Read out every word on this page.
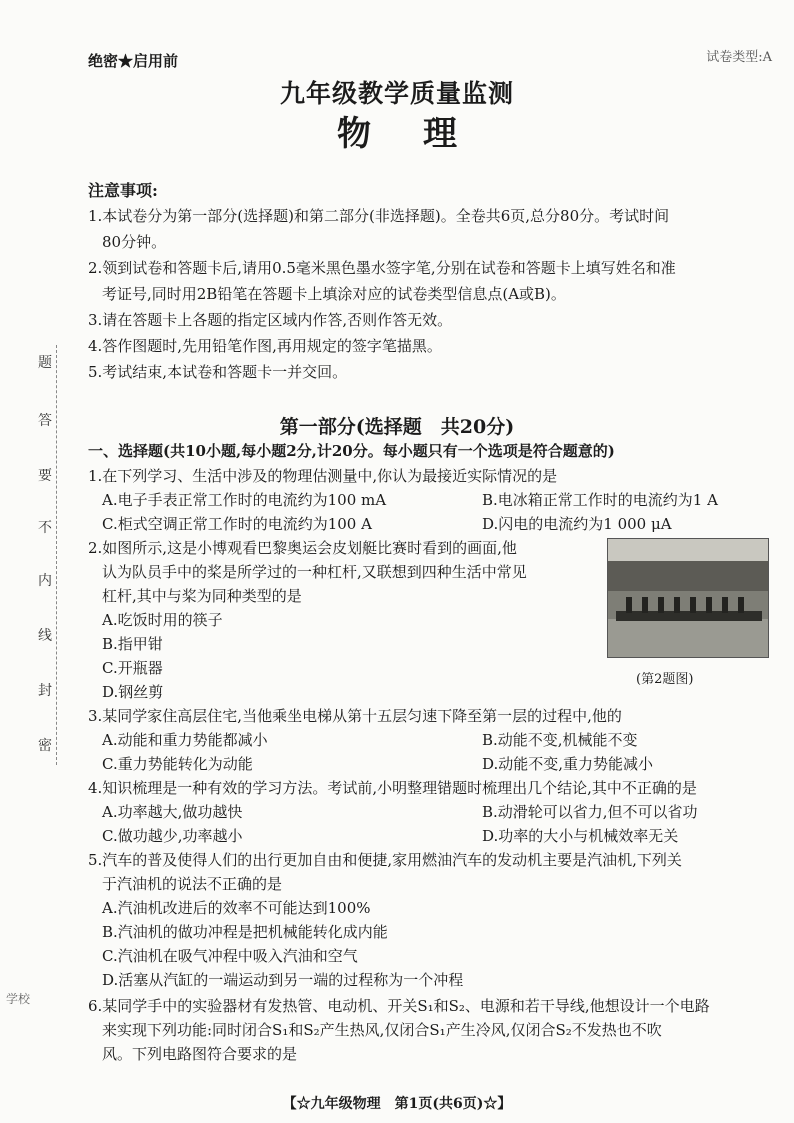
绝密★启用前	试卷类型:A
九年级教学质量监测
物理
注意事项:
1.本试卷分为第一部分(选择题)和第二部分(非选择题)。全卷共6页,总分80分。考试时间
80分钟。
2.领到试卷和答题卡后,请用0.5毫米黑色墨水签字笔,分别在试卷和答题卡上填写姓名和准
考证号,同时用2B铅笔在答题卡上填涂对应的试卷类型信息点(A或B)。
3.请在答题卡上各题的指定区域内作答,否则作答无效。
4.答作图题时,先用铅笔作图,再用规定的签字笔描黑。
5.考试结束,本试卷和答题卡一并交回。
题
答
要
不
内
线
封
密
学校
第一部分(选择题　共20分)
一、选择题(共10小题,每小题2分,计20分。每小题只有一个选项是符合题意的)
1.在下列学习、生活中涉及的物理估测量中,你认为最接近实际情况的是
A.电子手表正常工作时的电流约为100 mA	B.电冰箱正常工作时的电流约为1 A
C.柜式空调正常工作时的电流约为100 A	D.闪电的电流约为1 000 μA
2.如图所示,这是小博观看巴黎奥运会皮划艇比赛时看到的画面,他
认为队员手中的桨是所学过的一种杠杆,又联想到四种生活中常见
杠杆,其中与桨为同种类型的是
A.吃饭时用的筷子
B.指甲钳
C.开瓶器
D.钢丝剪
(第2题图)
3.某同学家住高层住宅,当他乘坐电梯从第十五层匀速下降至第一层的过程中,他的
A.动能和重力势能都减小	B.动能不变,机械能不变
C.重力势能转化为动能	D.动能不变,重力势能减小
4.知识梳理是一种有效的学习方法。考试前,小明整理错题时梳理出几个结论,其中不正确的是
A.功率越大,做功越快	B.动滑轮可以省力,但不可以省功
C.做功越少,功率越小	D.功率的大小与机械效率无关
5.汽车的普及使得人们的出行更加自由和便捷,家用燃油汽车的发动机主要是汽油机,下列关
于汽油机的说法不正确的是
A.汽油机改进后的效率不可能达到100%
B.汽油机的做功冲程是把机械能转化成内能
C.汽油机在吸气冲程中吸入汽油和空气
D.活塞从汽缸的一端运动到另一端的过程称为一个冲程
6.某同学手中的实验器材有发热管、电动机、开关S₁和S₂、电源和若干导线,他想设计一个电路
来实现下列功能:同时闭合S₁和S₂产生热风,仅闭合S₁产生冷风,仅闭合S₂不发热也不吹
风。下列电路图符合要求的是
【☆九年级物理　第1页(共6页)☆】
